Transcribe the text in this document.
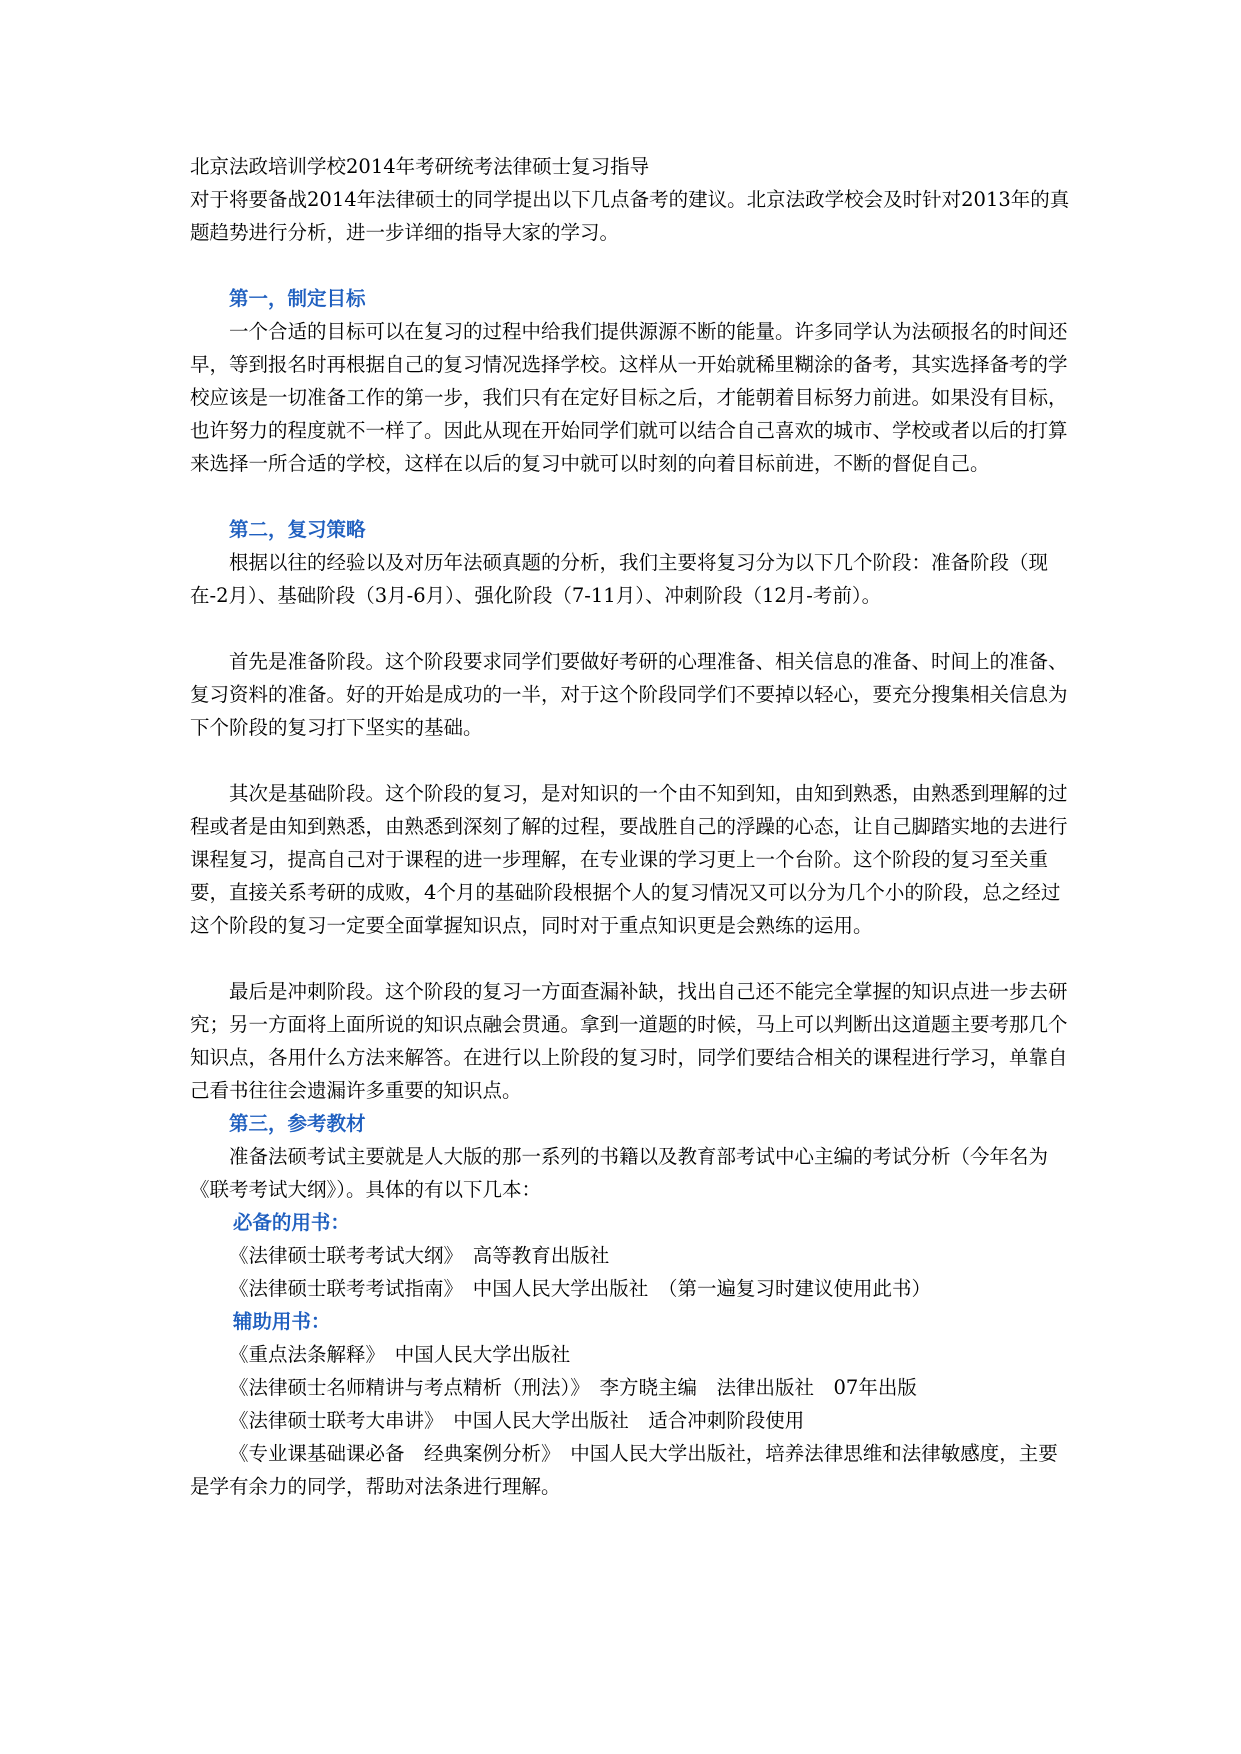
北京法政培训学校2014年考研统考法律硕士复习指导

对于将要备战2014年法律硕士的同学提出以下几点备考的建议。北京法政学校会及时针对2013年的真题趋势进行分析，进一步详细的指导大家的学习。

第一，制定目标

一个合适的目标可以在复习的过程中给我们提供源源不断的能量。许多同学认为法硕报名的时间还早，等到报名时再根据自己的复习情况选择学校。这样从一开始就稀里糊涂的备考，其实选择备考的学校应该是一切准备工作的第一步，我们只有在定好目标之后，才能朝着目标努力前进。如果没有目标，也许努力的程度就不一样了。因此从现在开始同学们就可以结合自己喜欢的城市、学校或者以后的打算来选择一所合适的学校，这样在以后的复习中就可以时刻的向着目标前进，不断的督促自己。

第二，复习策略

根据以往的经验以及对历年法硕真题的分析，我们主要将复习分为以下几个阶段：准备阶段（现在-2月）、基础阶段（3月-6月）、强化阶段（7-11月）、冲刺阶段（12月-考前）。

首先是准备阶段。这个阶段要求同学们要做好考研的心理准备、相关信息的准备、时间上的准备、复习资料的准备。好的开始是成功的一半，对于这个阶段同学们不要掉以轻心，要充分搜集相关信息为下个阶段的复习打下坚实的基础。

其次是基础阶段。这个阶段的复习，是对知识的一个由不知到知，由知到熟悉，由熟悉到理解的过程或者是由知到熟悉，由熟悉到深刻了解的过程，要战胜自己的浮躁的心态，让自己脚踏实地的去进行课程复习，提高自己对于课程的进一步理解，在专业课的学习更上一个台阶。这个阶段的复习至关重要，直接关系考研的成败，4个月的基础阶段根据个人的复习情况又可以分为几个小的阶段，总之经过这个阶段的复习一定要全面掌握知识点，同时对于重点知识更是会熟练的运用。

最后是冲刺阶段。这个阶段的复习一方面查漏补缺，找出自己还不能完全掌握的知识点进一步去研究；另一方面将上面所说的知识点融会贯通。拿到一道题的时候，马上可以判断出这道题主要考那几个知识点，各用什么方法来解答。在进行以上阶段的复习时，同学们要结合相关的课程进行学习，单靠自己看书往往会遗漏许多重要的知识点。

第三，参考教材

准备法硕考试主要就是人大版的那一系列的书籍以及教育部考试中心主编的考试分析（今年名为《联考考试大纲》）。具体的有以下几本：

必备的用书：

《法律硕士联考考试大纲》　高等教育出版社

《法律硕士联考考试指南》　中国人民大学出版社　（第一遍复习时建议使用此书）

辅助用书：

《重点法条解释》　中国人民大学出版社

《法律硕士名师精讲与考点精析（刑法）》　李方晓主编　法律出版社　07年出版

《法律硕士联考大串讲》　中国人民大学出版社　适合冲刺阶段使用

《专业课基础课必备　经典案例分析》　中国人民大学出版社，培养法律思维和法律敏感度，主要是学有余力的同学，帮助对法条进行理解。
